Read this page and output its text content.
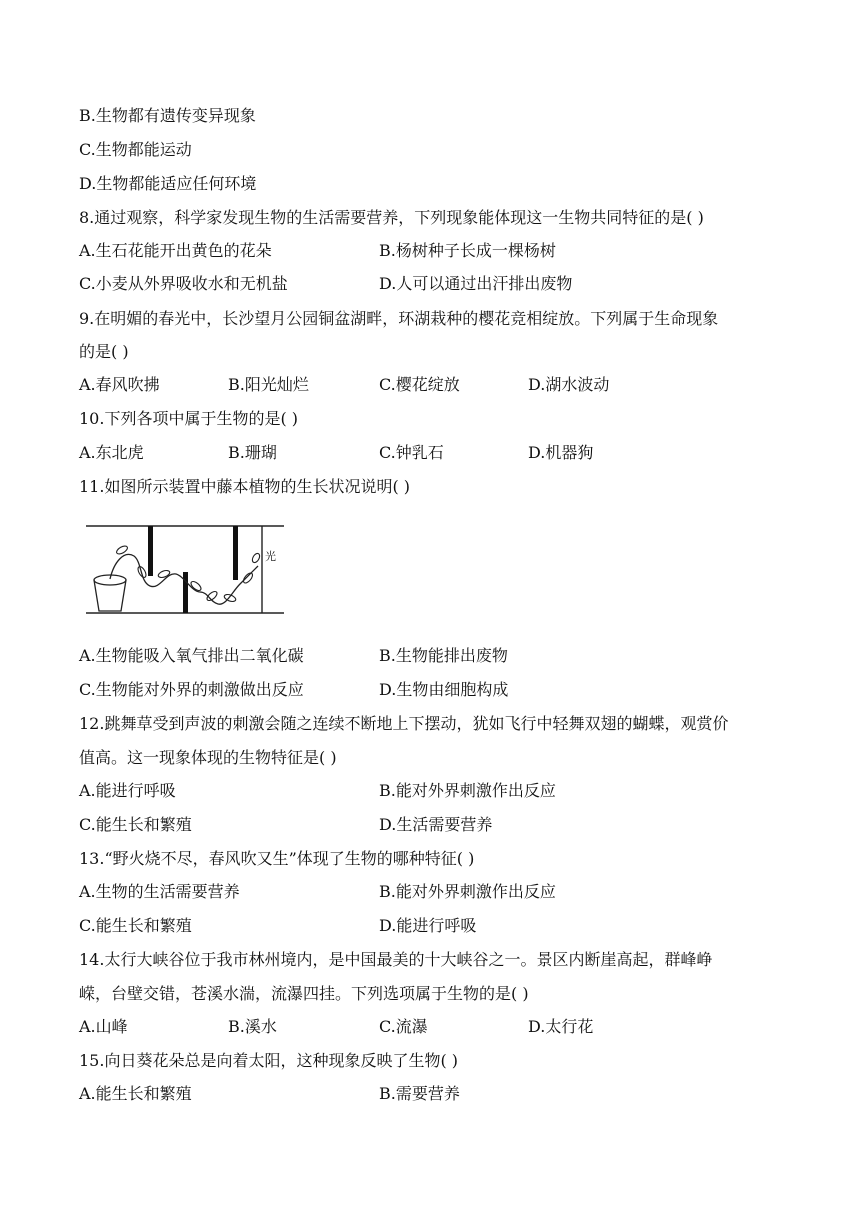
B.生物都有遗传变异现象
C.生物都能运动
D.生物都能适应任何环境
8.通过观察，科学家发现生物的生活需要营养，下列现象能体现这一生物共同特征的是( )
A.生石花能开出黄色的花朵	B.杨树种子长成一棵杨树
C.小麦从外界吸收水和无机盐	D.人可以通过出汗排出废物
9.在明媚的春光中，长沙望月公园铜盆湖畔，环湖栽种的樱花竞相绽放。下列属于生命现象
的是( )
A.春风吹拂	B.阳光灿烂	C.樱花绽放	D.湖水波动
10.下列各项中属于生物的是( )
A.东北虎	B.珊瑚	C.钟乳石	D.机器狗
11.如图所示装置中藤本植物的生长状况说明( )
光
A.生物能吸入氧气排出二氧化碳	B.生物能排出废物
C.生物能对外界的刺激做出反应	D.生物由细胞构成
12.跳舞草受到声波的刺激会随之连续不断地上下摆动，犹如飞行中轻舞双翅的蝴蝶，观赏价
值高。这一现象体现的生物特征是( )
A.能进行呼吸	B.能对外界刺激作出反应
C.能生长和繁殖	D.生活需要营养
13.“野火烧不尽，春风吹又生”体现了生物的哪种特征( )
A.生物的生活需要营养	B.能对外界刺激作出反应
C.能生长和繁殖	D.能进行呼吸
14.太行大峡谷位于我市林州境内，是中国最美的十大峡谷之一。景区内断崖高起，群峰峥
嵘，台壁交错，苍溪水湍，流瀑四挂。下列选项属于生物的是( )
A.山峰	B.溪水	C.流瀑	D.太行花
15.向日葵花朵总是向着太阳，这种现象反映了生物( )
A.能生长和繁殖	B.需要营养
